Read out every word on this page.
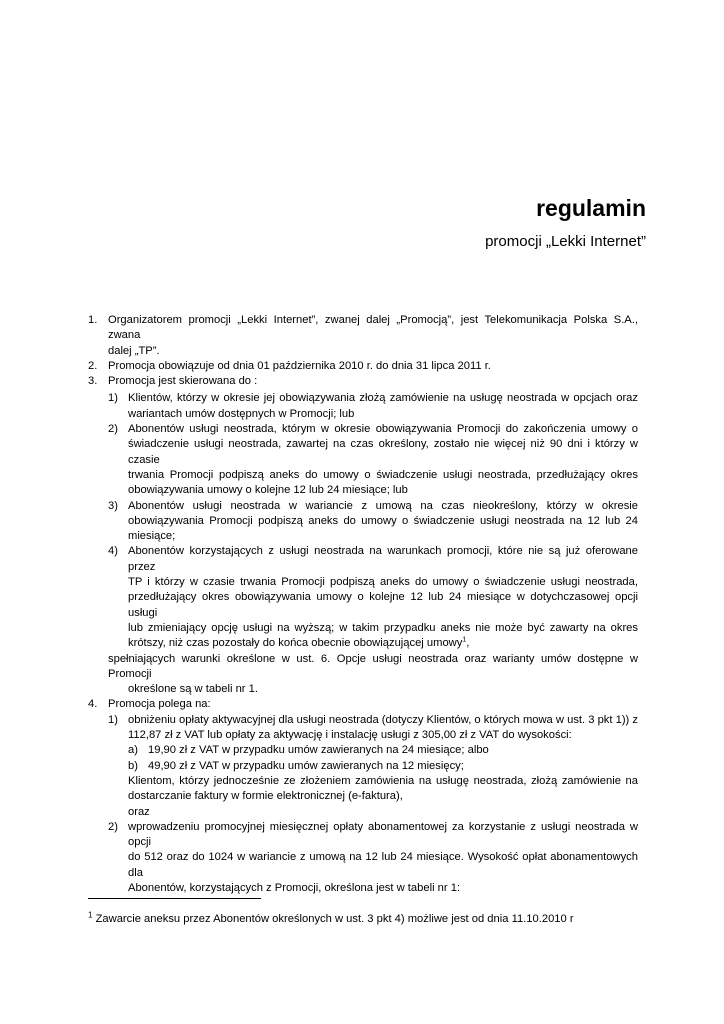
regulamin

promocji „Lekki Internet”

1. Organizatorem promocji „Lekki Internet”, zwanej dalej „Promocją”, jest Telekomunikacja Polska S.A., zwana
dalej „TP”.
2. Promocja obowiązuje od dnia 01 października 2010 r. do dnia 31 lipca 2011 r.
3. Promocja jest skierowana do :
1) Klientów, którzy w okresie jej obowiązywania złożą zamówienie na usługę neostrada w opcjach oraz
wariantach umów dostępnych w Promocji; lub
2) Abonentów usługi neostrada, którym w okresie obowiązywania Promocji do zakończenia umowy o
świadczenie usługi neostrada, zawartej na czas określony, zostało nie więcej niż 90 dni i którzy w czasie
trwania Promocji podpiszą aneks do umowy o świadczenie usługi neostrada, przedłużający okres
obowiązywania umowy o kolejne 12 lub 24 miesiące; lub
3) Abonentów usługi neostrada w wariancie z umową na czas nieokreślony, którzy w okresie
obowiązywania Promocji podpiszą aneks do umowy o świadczenie usługi neostrada na 12 lub 24
miesiące;
4) Abonentów korzystających z usługi neostrada na warunkach promocji, które nie są już oferowane przez
TP i którzy w czasie trwania Promocji podpiszą aneks do umowy o świadczenie usługi neostrada,
przedłużający okres obowiązywania umowy o kolejne 12 lub 24 miesiące w dotychczasowej opcji usługi
lub zmieniający opcję usługi na wyższą; w takim przypadku aneks nie może być zawarty na okres
krótszy, niż czas pozostały do końca obecnie obowiązującej umowy$^1$,
spełniających warunki określone w ust. 6. Opcje usługi neostrada oraz warianty umów dostępne w Promocji
określone są w tabeli nr 1.
4. Promocja polega na:
1) obniżeniu opłaty aktywacyjnej dla usługi neostrada (dotyczy Klientów, o których mowa w ust. 3 pkt 1)) z
112,87 zł z VAT lub opłaty za aktywację i instalację usługi z 305,00 zł z VAT do wysokości:
a) 19,90 zł z VAT w przypadku umów zawieranych na 24 miesiące; albo
b) 49,90 zł z VAT w przypadku umów zawieranych na 12 miesięcy;
Klientom, którzy jednocześnie ze złożeniem zamówienia na usługę neostrada, złożą zamówienie na
dostarczanie faktury w formie elektronicznej (e-faktura),
oraz
2) wprowadzeniu promocyjnej miesięcznej opłaty abonamentowej za korzystanie z usługi neostrada w opcji
do 512 oraz do 1024 w wariancie z umową na 12 lub 24 miesiące. Wysokość opłat abonamentowych dla
Abonentów, korzystających z Promocji, określona jest w tabeli nr 1:
$^1$ Zawarcie aneksu przez Abonentów określonych w ust. 3 pkt 4) możliwe jest od dnia 11.10.2010 r
